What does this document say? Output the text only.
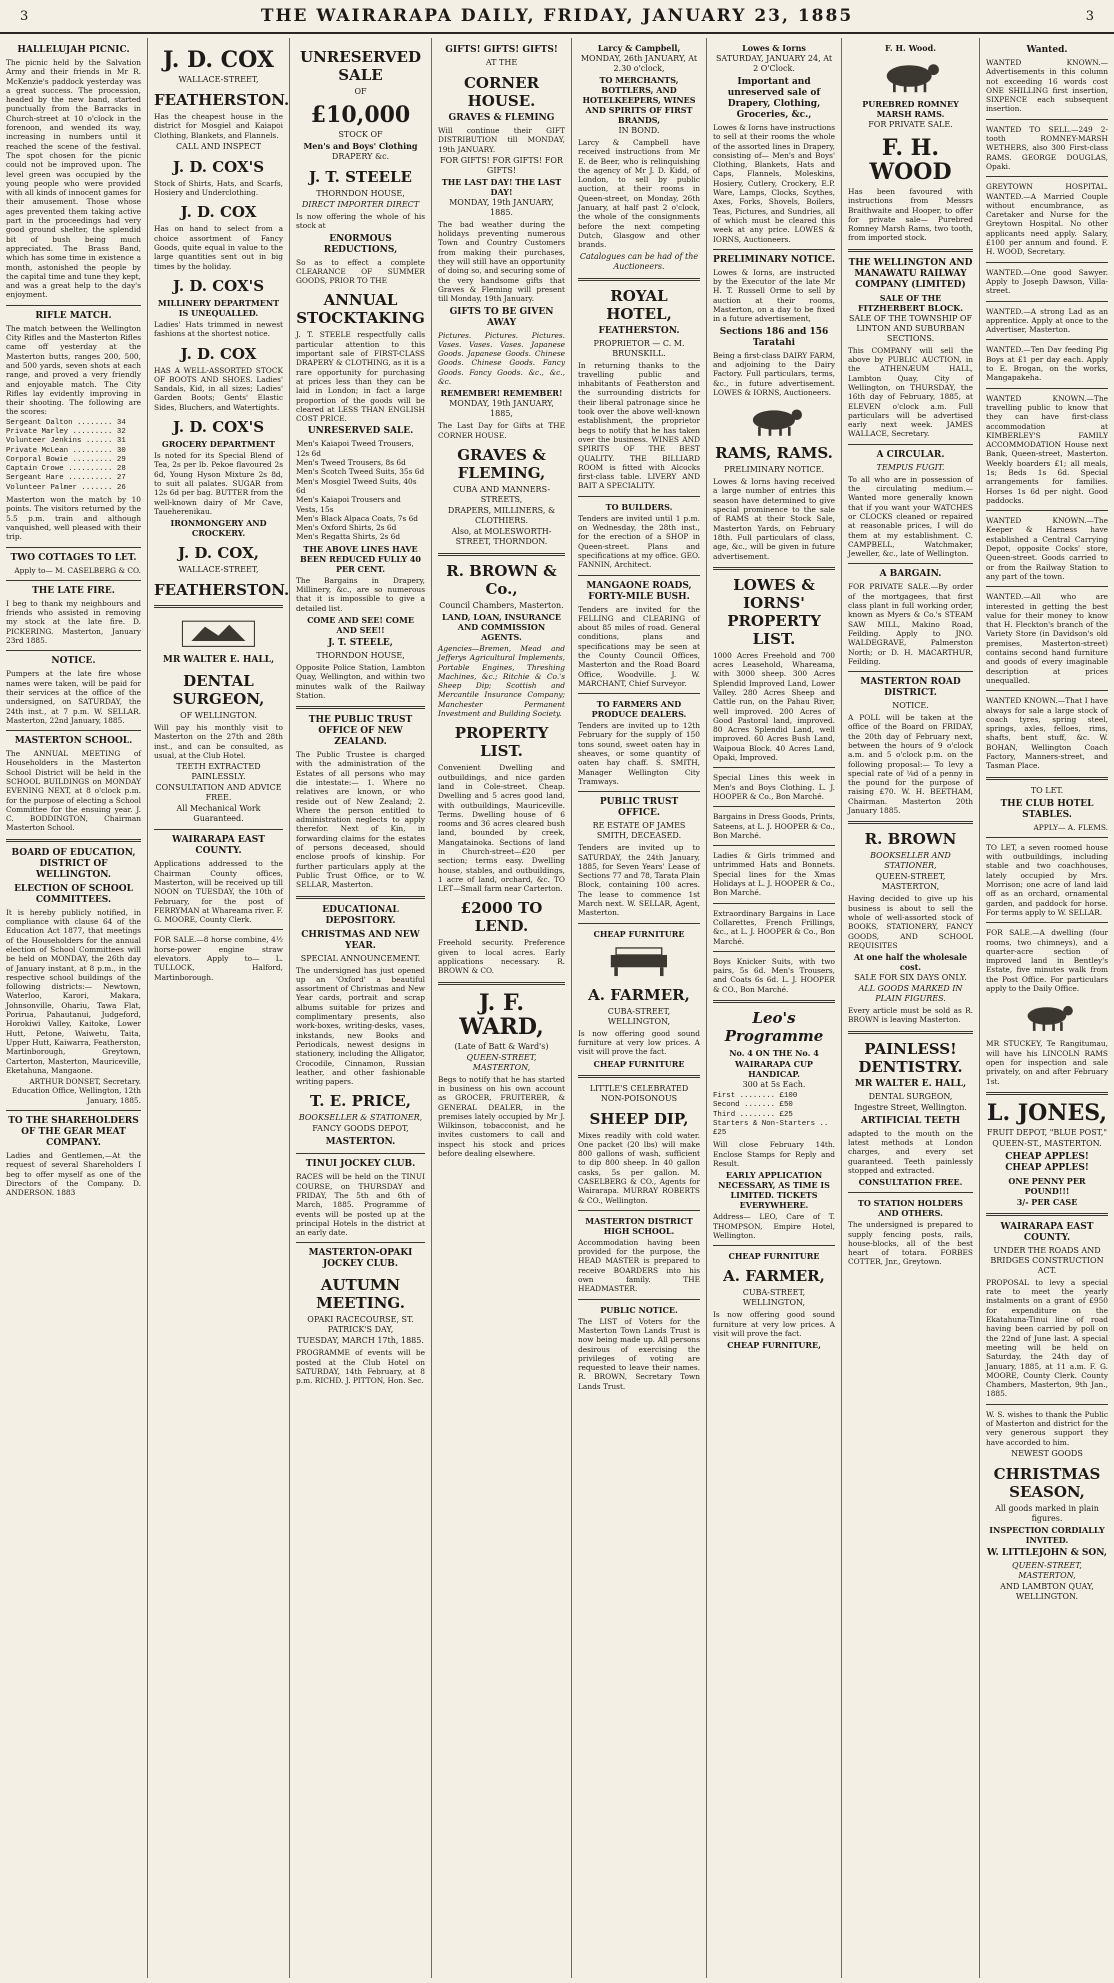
3	THE WAIRARAPA DAILY, FRIDAY, JANUARY 23, 1885	3
HALLELUJAH PICNIC.
The picnic held by the Salvation Army and their friends in Mr R. McKenzie's paddock yesterday was a great success. The procession, headed by the new band, started punctually from the Barracks in Church-street at 10 o'clock in the forenoon, and wended its way, increasing in numbers until it reached the scene of the festival. The spot chosen for the picnic could not be improved upon. The level green was occupied by the young people who were provided with all kinds of innocent games for their amusement. Those whose ages prevented them taking active part in the proceedings had very good ground shelter, the splendid bit of bush being much appreciated. The Brass Band, which has some time in existence a month, astonished the people by the capital time and tune they kept, and was a great help to the day's enjoyment.
RIFLE MATCH.
The match between the Wellington City Rifles and the Masterton Rifles came off yesterday at the Masterton butts, ranges 200, 500, and 500 yards, seven shots at each range, and proved a very friendly and enjoyable match. The City Rifles lay evidently improving in their shooting. The following are the scores:
Sergeant Dalton ........ 34
Private Marley ......... 32
Volunteer Jenkins ...... 31
Private McLean ......... 30
Corporal Bowie ......... 29
Captain Crowe .......... 28
Sergeant Hare .......... 27
Volunteer Palmer ....... 26
Masterton won the match by 10 points. The visitors returned by the 5.5 p.m. train and although vanquished, well pleased with their trip.
TWO COTTAGES TO LET.
Apply to— M. CASELBERG & CO.
THE LATE FIRE.
I beg to thank my neighbours and friends who assisted in removing my stock at the late fire. D. PICKERING. Masterton, January 23rd 1885.
NOTICE.
Pumpers at the late fire whose names were taken, will be paid for their services at the office of the undersigned, on SATURDAY, the 24th inst., at 7 p.m. W. SELLAR. Masterton, 22nd January, 1885.
MASTERTON SCHOOL.
The ANNUAL MEETING of Householders in the Masterton School District will be held in the SCHOOL BUILDINGS on MONDAY EVENING NEXT, at 8 o'clock p.m. for the purpose of electing a School Committee for the ensuing year. J. C. BODDINGTON, Chairman Masterton School.
BOARD OF EDUCATION, DISTRICT OF WELLINGTON.
ELECTION OF SCHOOL COMMITTEES.
It is hereby publicly notified, in compliance with clause 64 of the Education Act 1877, that meetings of the Householders for the annual election of School Committees will be held on MONDAY, the 26th day of January instant, at 8 p.m., in the respective school buildings of the following districts:— Newtown, Waterloo, Karori, Makara, Johnsonville, Ohariu, Tawa Flat, Porirua, Pahautanui, Judgeford, Horokiwi Valley, Kaitoke, Lower Hutt, Petone, Waiwetu, Taita, Upper Hutt, Kaiwarra, Featherston, Martinborough, Greytown, Carterton, Masterton, Mauriceville, Eketahuna, Mangaone.
ARTHUR DONSET, Secretary. Education Office, Wellington, 12th January, 1885.
TO THE SHAREHOLDERS OF THE GEAR MEAT COMPANY.
Ladies and Gentlemen,—At the request of several Shareholders I beg to offer myself as one of the Directors of the Company. D. ANDERSON. 1883
J. D. COX
WALLACE-STREET,
FEATHERSTON.
Has the cheapest house in the district for Mosgiel and Kaiapoi Clothing, Blankets, and Flannels.
CALL AND INSPECT
J. D. COX'S
Stock of Shirts, Hats, and Scarfs, Hosiery and Underclothing.
J. D. COX
Has on hand to select from a choice assortment of Fancy Goods, quite equal in value to the large quantities sent out in big times by the holiday.
J. D. COX'S
MILLINERY DEPARTMENT IS UNEQUALLED.
Ladies' Hats trimmed in newest fashions at the shortest notice.
J. D. COX
HAS A WELL-ASSORTED STOCK OF BOOTS AND SHOES. Ladies' Sandals, Kid, in all sizes; Ladies' Garden Boots; Gents' Elastic Sides, Bluchers, and Watertights.
J. D. COX'S
GROCERY DEPARTMENT
Is noted for its Special Blend of Tea, 2s per lb. Pekoe flavoured 2s 6d, Young Hyson Mixture 2s 8d, to suit all palates. SUGAR from 12s 6d per bag. BUTTER from the well-known dairy of Mr Cave, Taueherenikau.
IRONMONGERY AND CROCKERY.
J. D. COX,
WALLACE-STREET,
FEATHERSTON.
MR WALTER E. HALL,
DENTAL SURGEON,
OF WELLINGTON.
Will pay his monthly visit to Masterton on the 27th and 28th inst., and can be consulted, as usual, at the Club Hotel.
TEETH EXTRACTED PAINLESSLY.
CONSULTATION AND ADVICE FREE.
All Mechanical Work Guaranteed.
WAIRARAPA EAST COUNTY.
Applications addressed to the Chairman County offices, Masterton, will be received up till NOON on TUESDAY, the 10th of February, for the post of FERRYMAN at Whareama river. F. G. MOORE, County Clerk.
FOR SALE.—8 horse combine, 4½ horse-power engine straw elevators. Apply to— L. TULLOCK, Halford, Martinborough.
UNRESERVED SALE
OF
£10,000
STOCK OF
Men's and Boys' Clothing
DRAPERY &c.
J. T. STEELE
THORNDON HOUSE,
DIRECT IMPORTER DIRECT
Is now offering the whole of his stock at
ENORMOUS REDUCTIONS,
So as to effect a complete CLEARANCE OF SUMMER GOODS, PRIOR TO THE
ANNUAL STOCKTAKING
J. T. STEELE respectfully calls particular attention to this important sale of FIRST-CLASS DRAPERY & CLOTHING, as it is a rare opportunity for purchasing at prices less than they can be laid in London; in fact a large proportion of the goods will be cleared at LESS THAN ENGLISH COST PRICE.
UNRESERVED SALE.
Men's Kaiapoi Tweed Trousers, 12s 6d
Men's Tweed Trousers, 8s 6d
Men's Scotch Tweed Suits, 35s 6d
Men's Mosgiel Tweed Suits, 40s 6d
Men's Kaiapoi Trousers and Vests, 15s
Men's Black Alpaca Coats, 7s 6d
Men's Oxford Shirts, 2s 6d
Men's Regatta Shirts, 2s 6d
THE ABOVE LINES HAVE BEEN REDUCED FULLY 40 PER CENT.
The Bargains in Drapery, Millinery, &c., are so numerous that it is impossible to give a detailed list.
COME AND SEE! COME AND SEE!!
J. T. STEELE,
THORNDON HOUSE,
Opposite Police Station, Lambton Quay, Wellington, and within two minutes walk of the Railway Station.
THE PUBLIC TRUST OFFICE OF NEW ZEALAND.
The Public Trustee is charged with the administration of the Estates of all persons who may die intestate:— 1. Where no relatives are known, or who reside out of New Zealand; 2. Where the person entitled to administration neglects to apply therefor. Next of Kin, in forwarding claims for the estates of persons deceased, should enclose proofs of kinship. For further particulars apply at the Public Trust Office, or to W. SELLAR, Masterton.
EDUCATIONAL DEPOSITORY.
CHRISTMAS AND NEW YEAR.
SPECIAL ANNOUNCEMENT.
The undersigned has just opened up an 'Oxford' a beautiful assortment of Christmas and New Year cards, portrait and scrap albums suitable for prizes and complimentary presents, also work-boxes, writing-desks, vases, inkstands, new Books and Periodicals, newest designs in stationery, including the Alligator, Crocodile, Cinnamon, Russian leather, and other fashionable writing papers.
T. E. PRICE,
BOOKSELLER & STATIONER,
FANCY GOODS DEPOT,
MASTERTON.
TINUI JOCKEY CLUB.
RACES will be held on the TINUI COURSE, on THURSDAY and FRIDAY, The 5th and 6th of March, 1885. Programme of events will be posted up at the principal Hotels in the district at an early date.
MASTERTON-OPAKI JOCKEY CLUB.
AUTUMN MEETING.
OPAKI RACECOURSE, ST. PATRICK'S DAY,
TUESDAY, MARCH 17th, 1885.
PROGRAMME of events will be posted at the Club Hotel on SATURDAY, 14th February, at 8 p.m. RICHD. J. PITTON, Hon. Sec.
GIFTS! GIFTS! GIFTS!
AT THE
CORNER HOUSE.
GRAVES & FLEMING
Will continue their GIFT DISTRIBUTION till MONDAY, 19th JANUARY.
FOR GIFTS! FOR GIFTS! FOR GIFTS!
THE LAST DAY! THE LAST DAY!
MONDAY, 19th JANUARY, 1885.
The bad weather during the holidays preventing numerous Town and Country Customers from making their purchases, they will still have an opportunity of doing so, and securing some of the very handsome gifts that Graves & Fleming will present till Monday, 19th January.
GIFTS TO BE GIVEN AWAY
Pictures. Pictures. Pictures. Vases. Vases. Vases. Japanese Goods. Japanese Goods. Chinese Goods. Chinese Goods. Fancy Goods. Fancy Goods. &c., &c., &c.
REMEMBER! REMEMBER!
MONDAY, 19th JANUARY, 1885,
The Last Day for Gifts at THE CORNER HOUSE.
GRAVES & FLEMING,
CUBA AND MANNERS-STREETS,
DRAPERS, MILLINERS, & CLOTHIERS.
Also, at MOLESWORTH-STREET, THORNDON.
R. BROWN & Co.,
Council Chambers, Masterton.
LAND, LOAN, INSURANCE AND COMMISSION AGENTS.
Agencies—Bremen, Mead and Jefferys Agricultural Implements, Portable Engines, Threshing Machines, &c.; Ritchie & Co.'s Sheep Dip; Scottish and Mercantile Insurance Company; Manchester Permanent Investment and Building Society.
PROPERTY LIST.
Convenient Dwelling and outbuildings, and nice garden land in Cole-street. Cheap. Dwelling and 5 acres good land, with outbuildings, Mauriceville. Terms. Dwelling house of 6 rooms and 36 acres cleared bush land, bounded by creek, Mangatainoka. Sections of land in Church-street—£20 per section; terms easy. Dwelling house, stables, and outbuildings, 1 acre of land, orchard, &c. TO LET—Small farm near Carterton.
£2000 TO LEND.
Freehold security. Preference given to local acres. Early applications necessary. R. BROWN & CO.
J. F. WARD,
(Late of Batt & Ward's)
QUEEN-STREET, MASTERTON,
Begs to notify that he has started in business on his own account as GROCER, FRUITERER, & GENERAL DEALER, in the premises lately occupied by Mr J. Wilkinson, tobacconist, and he invites customers to call and inspect his stock and prices before dealing elsewhere.
Larcy & Campbell,
MONDAY, 26th JANUARY, At 2.30 o'clock,
TO MERCHANTS, BOTTLERS, AND HOTELKEEPERS, WINES AND SPIRITS OF FIRST BRANDS,
IN BOND.
Larcy & Campbell have received instructions from Mr E. de Beer, who is relinquishing the agency of Mr J. D. Kidd, of London, to sell by public auction, at their rooms in Queen-street, on Monday, 26th January, at half past 2 o'clock, the whole of the consignments before the next competing Dutch, Glasgow and other brands.
Catalogues can be had of the Auctioneers.
ROYAL HOTEL,
FEATHERSTON.
PROPRIETOR — C. M. BRUNSKILL.
In returning thanks to the travelling public and inhabitants of Featherston and the surrounding districts for their liberal patronage since he took over the above well-known establishment, the proprietor begs to notify that he has taken over the business. WINES AND SPIRITS OF THE BEST QUALITY. THE BILLIARD ROOM is fitted with Alcocks first-class table. LIVERY AND BAIT A SPECIALITY.
TO BUILDERS.
Tenders are invited until 1 p.m. on Wednesday, the 28th inst., for the erection of a SHOP in Queen-street. Plans and specifications at my office. GEO. FANNIN, Architect.
MANGAONE ROADS, FORTY-MILE BUSH.
Tenders are invited for the FELLING and CLEARING of about 85 miles of road. General conditions, plans and specifications may be seen at the County Council Offices, Masterton and the Road Board Office, Woodville. J. W. MARCHANT, Chief Surveyor.
TO FARMERS AND PRODUCE DEALERS.
Tenders are invited up to 12th February for the supply of 150 tons sound, sweet oaten hay in sheaves, or some quantity of oaten hay chaff. S. SMITH, Manager Wellington City Tramways.
PUBLIC TRUST OFFICE.
RE ESTATE OF JAMES SMITH, DECEASED.
Tenders are invited up to SATURDAY, the 24th January, 1885, for Seven Years' Lease of Sections 77 and 78, Tarata Plain Block, containing 100 acres. The lease to commence 1st March next. W. SELLAR, Agent, Masterton.
CHEAP FURNITURE
A. FARMER,
CUBA-STREET, WELLINGTON,
Is now offering good sound furniture at very low prices. A visit will prove the fact.
CHEAP FURNITURE
LITTLE'S CELEBRATED NON-POISONOUS
SHEEP DIP,
Mixes readily with cold water. One packet (20 lbs) will make 800 gallons of wash, sufficient to dip 800 sheep. In 40 gallon casks, 5s per gallon. M. CASELBERG & CO., Agents for Wairarapa. MURRAY ROBERTS & CO., Wellington.
MASTERTON DISTRICT HIGH SCHOOL.
Accommodation having been provided for the purpose, the HEAD MASTER is prepared to receive BOARDERS into his own family. THE HEADMASTER.
PUBLIC NOTICE.
The LIST of Voters for the Masterton Town Lands Trust is now being made up. All persons desirous of exercising the privileges of voting are requested to leave their names. R. BROWN, Secretary Town Lands Trust.
Lowes & Iorns
SATURDAY, JANUARY 24, At 2 O'Clock.
Important and unreserved sale of Drapery, Clothing, Groceries, &c.,
Lowes & Iorns have instructions to sell at their rooms the whole of the assorted lines in Drapery, consisting of— Men's and Boys' Clothing, Blankets, Hats and Caps, Flannels, Moleskins, Hosiery, Cutlery, Crockery, E.P. Ware, Lamps, Clocks, Scythes, Axes, Forks, Shovels, Boilers, Teas, Pictures, and Sundries, all of which must be cleared this week at any price. LOWES & IORNS, Auctioneers.
PRELIMINARY NOTICE.
Lowes & Iorns, are instructed by the Executor of the late Mr H. T. Russell Orme to sell by auction at their rooms, Masterton, on a day to be fixed in a future advertisement,
Sections 186 and 156 Taratahi
Being a first-class DAIRY FARM, and adjoining to the Dairy Factory. Full particulars, terms, &c., in future advertisement. LOWES & IORNS, Auctioneers.
RAMS, RAMS.
PRELIMINARY NOTICE.
Lowes & Iorns having received a large number of entries this season have determined to give special prominence to the sale of RAMS at their Stock Sale, Masterton Yards, on February 18th. Full particulars of class, age, &c., will be given in future advertisement.
LOWES & IORNS' PROPERTY LIST.
1000 Acres Freehold and 700 acres Leasehold, Whareama, with 3000 sheep. 300 Acres Splendid Improved Land, Lower Valley. 280 Acres Sheep and Cattle run, on the Pahau River, well improved. 200 Acres of Good Pastoral land, improved. 80 Acres Splendid Land, well improved. 60 Acres Bush Land, Waipoua Block. 40 Acres Land, Opaki, Improved.
Special Lines this week in Men's and Boys Clothing. L. J. HOOPER & Co., Bon Marché.
Bargains in Dress Goods, Prints, Sateens, at L. J. HOOPER & Co., Bon Marché.
Ladies & Girls trimmed and untrimmed Hats and Bonnets. Special lines for the Xmas Holidays at L. J. HOOPER & Co., Bon Marché.
Extraordinary Bargains in Lace Collarettes, French Frillings, &c., at L. J. HOOPER & Co., Bon Marché.
Boys Knicker Suits, with two pairs, 5s 6d. Men's Trousers, and Coats 6s 6d. L. J. HOOPER & CO., Bon Marché.
Leo's Programme
No. 4 ON THE No. 4
WAIRARAPA CUP HANDICAP.
300 at 5s Each.
First ........ £100
Second ....... £50
Third ........ £25
Starters & Non-Starters .. £25
Will close February 14th. Enclose Stamps for Reply and Result.
EARLY APPLICATION NECESSARY, AS TIME IS LIMITED. TICKETS EVERYWHERE.
Address— LEO, Care of T. THOMPSON, Empire Hotel, Wellington.
CHEAP FURNITURE
A. FARMER,
CUBA-STREET, WELLINGTON,
Is now offering good sound furniture at very low prices. A visit will prove the fact.
CHEAP FURNITURE,
F. H. Wood.
PUREBRED ROMNEY MARSH RAMS.
FOR PRIVATE SALE.
F. H. WOOD
Has been favoured with instructions from Messrs Braithwaite and Hooper, to offer for private sale— Purebred Romney Marsh Rams, two tooth, from imported stock.
THE WELLINGTON AND MANAWATU RAILWAY COMPANY (LIMITED)
SALE OF THE FITZHERBERT BLOCK.
SALE OF THE TOWNSHIP OF LINTON AND SUBURBAN SECTIONS.
This COMPANY will sell the above by PUBLIC AUCTION, in the ATHENÆUM HALL, Lambton Quay, City of Wellington, on THURSDAY, the 16th day of February, 1885, at ELEVEN o'clock a.m. Full particulars will be advertised early next week. JAMES WALLACE, Secretary.
A CIRCULAR.
TEMPUS FUGIT.
To all who are in possession of the circulating medium.—Wanted more generally known that if you want your WATCHES or CLOCKS cleaned or repaired at reasonable prices, I will do them at my establishment. C. CAMPBELL, Watchmaker, Jeweller, &c., late of Wellington.
A BARGAIN.
FOR PRIVATE SALE.—By order of the mortgagees, that first class plant in full working order, known as Myers & Co.'s STEAM SAW MILL, Makino Road, Feilding. Apply to JNO. WALDEGRAVE, Palmerston North; or D. H. MACARTHUR, Feilding.
MASTERTON ROAD DISTRICT.
NOTICE.
A POLL will be taken at the office of the Board on FRIDAY, the 20th day of February next, between the hours of 9 o'clock a.m. and 5 o'clock p.m. on the following proposal:— To levy a special rate of ⅛d of a penny in the pound for the purpose of raising £70. W. H. BEETHAM, Chairman. Masterton 20th January 1885.
R. BROWN
BOOKSELLER AND STATIONER,
QUEEN-STREET, MASTERTON,
Having decided to give up his business is about to sell the whole of well-assorted stock of BOOKS, STATIONERY, FANCY GOODS, AND SCHOOL REQUISITES
At one half the wholesale cost.
SALE FOR SIX DAYS ONLY.
ALL GOODS MARKED IN PLAIN FIGURES.
Every article must be sold as R. BROWN is leaving Masterton.
PAINLESS! DENTISTRY.
MR WALTER E. HALL,
DENTAL SURGEON,
Ingestre Street, Wellington.
ARTIFICIAL TEETH
adapted to the mouth on the latest methods at London charges, and every set guaranteed. Teeth painlessly stopped and extracted.
CONSULTATION FREE.
TO STATION HOLDERS AND OTHERS.
The undersigned is prepared to supply fencing posts, rails, house-blocks, all of the best heart of totara. FORBES COTTER, Jnr., Greytown.
Wanted.
WANTED KNOWN.—Advertisements in this column not exceeding 16 words cost ONE SHILLING first insertion, SIXPENCE each subsequent insertion.
WANTED TO SELL.—249 2-tooth ROMNEY-MARSH WETHERS, also 300 First-class RAMS. GEORGE DOUGLAS, Opaki.
GREYTOWN HOSPITAL. WANTED.—A Married Couple without encumbrance, as Caretaker and Nurse for the Greytown Hospital. No other applicants need apply. Salary, £100 per annum and found. F. H. WOOD, Secretary.
WANTED.—One good Sawyer. Apply to Joseph Dawson, Villa-street.
WANTED.—A strong Lad as an apprentice. Apply at once to the Advertiser, Masterton.
WANTED.—Ten Dav feeding Pig Boys at £1 per day each. Apply to E. Brogan, on the works, Mangapakeha.
WANTED KNOWN.—The travelling public to know that they can have first-class accommodation at KIMBERLEY'S FAMILY ACCOMMODATION House next Bank, Queen-street, Masterton. Weekly boarders £1; all meals, 1s; Beds 1s 6d. Special arrangements for families. Horses 1s 6d per night. Good paddocks.
WANTED KNOWN.—The Keeper & Harness have established a Central Carrying Depot, opposite Cocks' store, Queen-street. Goods carried to or from the Railway Station to any part of the town.
WANTED.—All who are interested in getting the best value for their money to know that H. Fleckton's branch of the Variety Store (in Davidson's old premises, Masterton-street) contains second hand furniture and goods of every imaginable description at prices unequalled.
WANTED KNOWN.—That I have always for sale a large stock of coach tyres, spring steel, springs, axles, felloes, rims, shafts, bent stuff, &c. W. BOHAN, Wellington Coach Factory, Manners-street, and Tasman Place.
TO LET.
THE CLUB HOTEL STABLES.
APPLY— A. FLEMS.
TO LET, a seven roomed house with outbuildings, including stable and two coachhouses, lately occupied by Mrs. Morrison; one acre of land laid off as an orchard, ornamental garden, and paddock for horse. For terms apply to W. SELLAR.
FOR SALE.—A dwelling (four rooms, two chimneys), and a quarter-acre section of improved land in Bentley's Estate, five minutes walk from the Post Office. For particulars apply to the Daily Office.
MR STUCKEY, Te Rangitumau, will have his LINCOLN RAMS open for inspection and sale privately, on and after February 1st.
L. JONES,
FRUIT DEPOT, "BLUE POST,"
QUEEN-ST., MASTERTON.
CHEAP APPLES! CHEAP APPLES!
ONE PENNY PER POUND!!!
3/- PER CASE
WAIRARAPA EAST COUNTY.
UNDER THE ROADS AND BRIDGES CONSTRUCTION ACT.
PROPOSAL to levy a special rate to meet the yearly instalments on a grant of £950 for expenditure on the Ekatahuna-Tinui line of road having been carried by poll on the 22nd of June last. A special meeting will be held on Saturday, the 24th day of January, 1885, at 11 a.m. F. G. MOORE, County Clerk. County Chambers, Masterton, 9th Jan., 1885.
W. S. wishes to thank the Public of Masterton and district for the very generous support they have accorded to him.
NEWEST GOODS
CHRISTMAS SEASON,
All goods marked in plain figures.
INSPECTION CORDIALLY INVITED.
W. LITTLEJOHN & SON,
QUEEN-STREET, MASTERTON,
AND LAMBTON QUAY, WELLINGTON.
